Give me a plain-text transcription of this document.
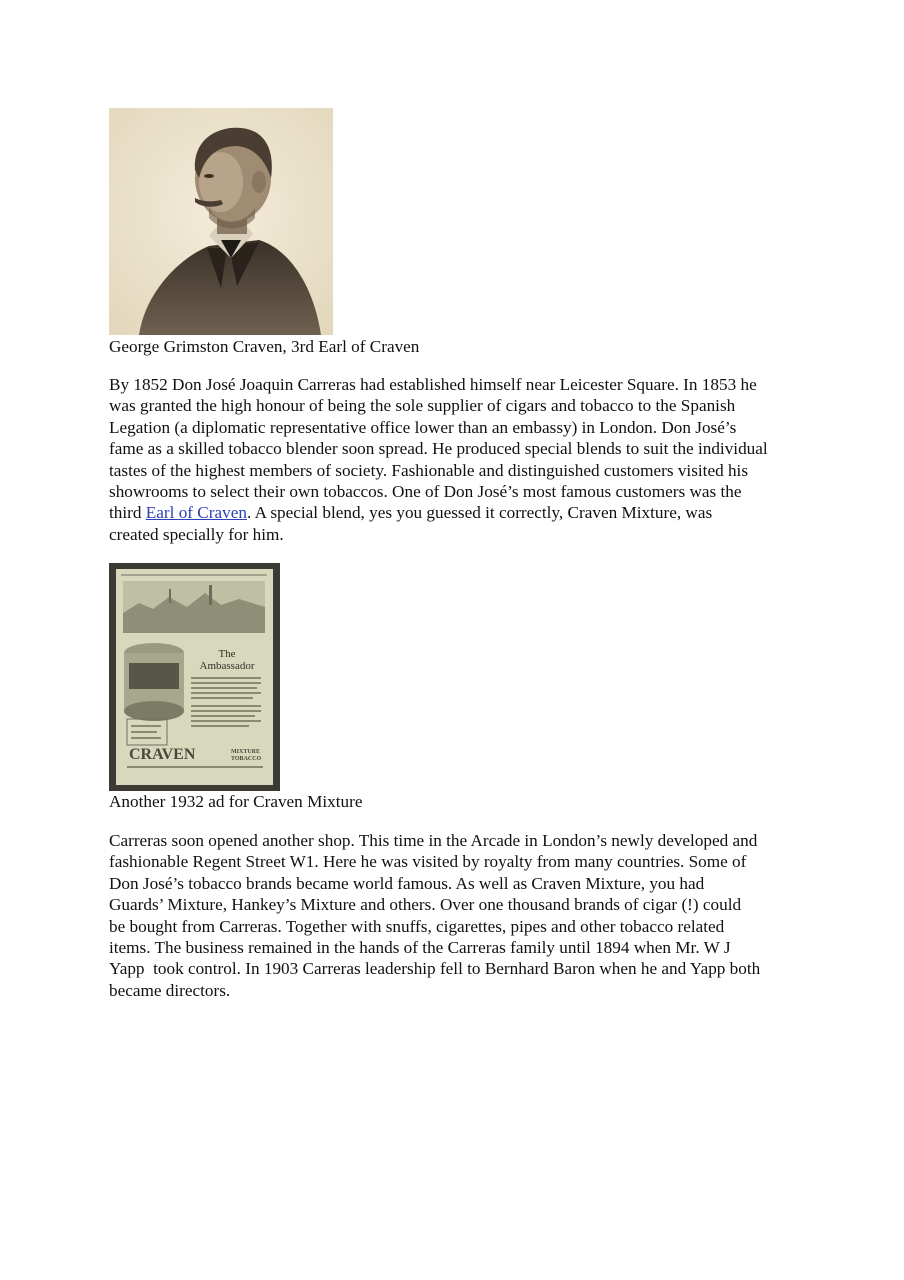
George Grimston Craven, 3rd Earl of Craven
By 1852 Don José Joaquin Carreras had established himself near Leicester Square. In 1853 he
was granted the high honour of being the sole supplier of cigars and tobacco to the Spanish
Legation (a diplomatic representative office lower than an embassy) in London. Don José’s
fame as a skilled tobacco blender soon spread. He produced special blends to suit the individual
tastes of the highest members of society. Fashionable and distinguished customers visited his
showrooms to select their own tobaccos. One of Don José’s most famous customers was the
third Earl of Craven. A special blend, yes you guessed it correctly, Craven Mixture, was
created specially for him.
The
Ambassador
CRAVEN	MIXTURE
TOBACCO
Another 1932 ad for Craven Mixture
Carreras soon opened another shop. This time in the Arcade in London’s newly developed and
fashionable Regent Street W1. Here he was visited by royalty from many countries. Some of
Don José’s tobacco brands became world famous. As well as Craven Mixture, you had
Guards’ Mixture, Hankey’s Mixture and others. Over one thousand brands of cigar (!) could
be bought from Carreras. Together with snuffs, cigarettes, pipes and other tobacco related
items. The business remained in the hands of the Carreras family until 1894 when Mr. W J
Yapp  took control. In 1903 Carreras leadership fell to Bernhard Baron when he and Yapp both
became directors.
